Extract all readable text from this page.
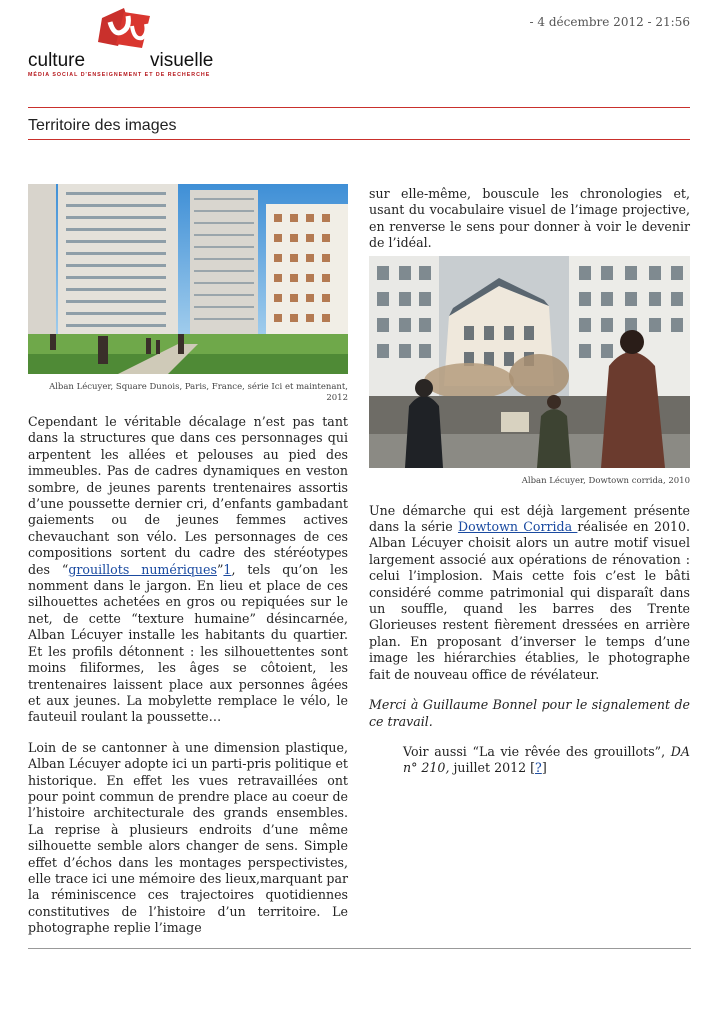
culture	visuelle
MÉDIA SOCIAL D'ENSEIGNEMENT ET DE RECHERCHE
- 4 décembre 2012 - 21:56
Territoire des images
Alban Lécuyer, Square Dunois, Paris, France, série Ici et maintenant, 2012

Cependant le véritable décalage n’est pas tant dans la structures que dans ces personnages qui arpentent les allées et pelouses au pied des immeubles. Pas de cadres dynamiques en veston sombre, de jeunes parents trentenaires assortis d’une poussette dernier cri, d’enfants gambadant gaiements ou de jeunes femmes actives chevauchant son vélo. Les personnages de ces compositions sortent du cadre des stéréotypes des “grouillots numériques”1, tels qu’on les nomment dans le jargon. En lieu et place de ces silhouettes achetées en gros ou repiquées sur le net, de cette “texture humaine” désincarnée, Alban Lécuyer installe les habitants du quartier. Et les profils détonnent : les silhouettentes sont moins filiformes, les âges se côtoient, les trentenaires laissent place aux personnes âgées et aux jeunes. La mobylette remplace le vélo, le fauteuil roulant la poussette…

Loin de se cantonner à une dimension plastique, Alban Lécuyer adopte ici un parti-pris politique et historique. En effet les vues retravaillées ont pour point commun de prendre place au coeur de l’histoire architecturale des grands ensembles. La reprise à plusieurs endroits d’une même silhouette semble alors changer de sens. Simple effet d’échos dans les montages perspectivistes, elle trace ici une mémoire des lieux,marquant par la réminiscence ces trajectoires quotidiennes constitutives de l’histoire d’un territoire. Le photographe replie l’image

sur elle-même, bouscule les chronologies et, usant du vocabulaire visuel de l’image projective, en renverse le sens pour donner à voir le devenir de l’idéal.

Alban Lécuyer, Dowtown corrida, 2010

Une démarche qui est déjà largement présente dans la série Dowtown Corrida réalisée en 2010. Alban Lécuyer choisit alors un autre motif visuel largement associé aux opérations de rénovation : celui l’implosion. Mais cette fois c’est le bâti considéré comme patrimonial qui disparaît dans un souffle, quand les barres des Trente Glorieuses restent fièrement dressées en arrière plan. En proposant d’inverser le temps d’une image les hiérarchies établies, le photographe fait de nouveau office de révélateur.

Merci à Guillaume Bonnel pour le signalement de ce travail.

Voir aussi “La vie rêvée des grouillots”, DA n° 210, juillet 2012 [?]
